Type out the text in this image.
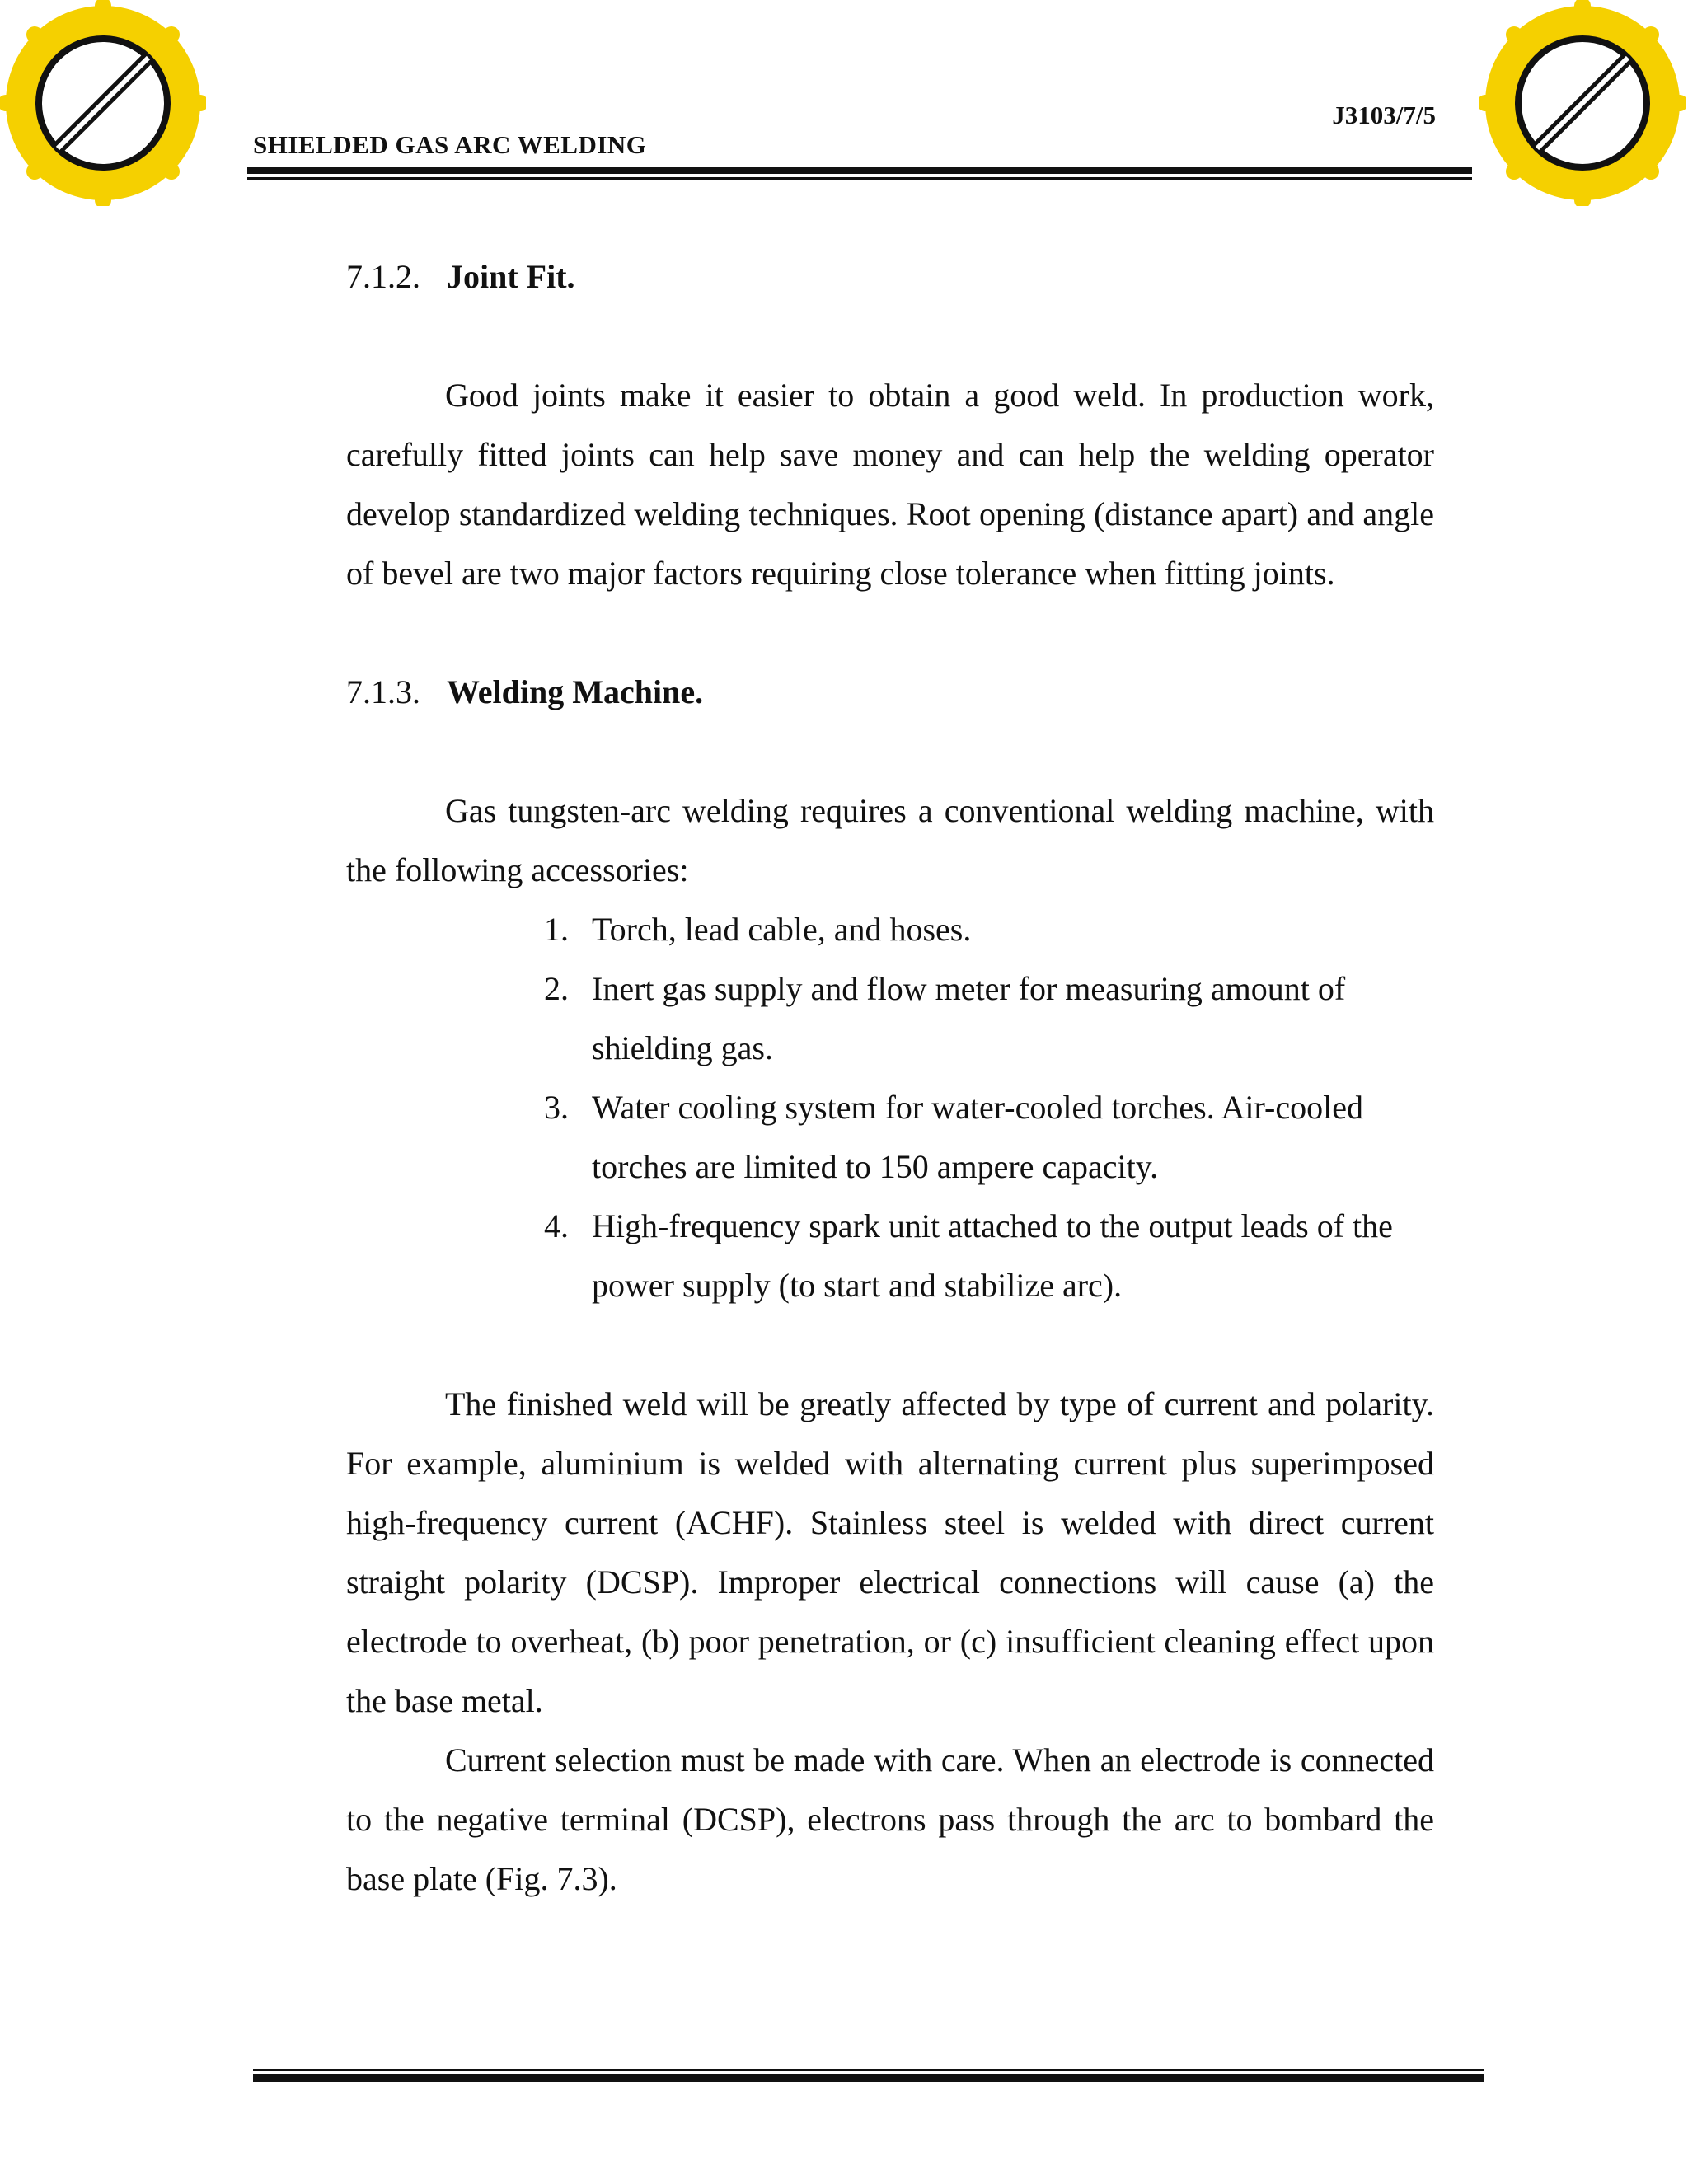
J3103/7/5
SHIELDED GAS ARC WELDING
7.1.2. Joint Fit.

Good joints make it easier to obtain a good weld. In production work, carefully fitted joints can help save money and can help the welding operator develop standardized welding techniques. Root opening (distance apart) and angle of bevel are two major factors requiring close tolerance when fitting joints.

7.1.3. Welding Machine.

Gas tungsten-arc welding requires a conventional welding machine, with the following accessories:

1. Torch, lead cable, and hoses.
2. Inert gas supply and flow meter for measuring amount of shielding gas.
3. Water cooling system for water-cooled torches. Air-cooled torches are limited to 150 ampere capacity.
4. High-frequency spark unit attached to the output leads of the power supply (to start and stabilize arc).

The finished weld will be greatly affected by type of current and polarity. For example, aluminium is welded with alternating current plus superimposed high-frequency current (ACHF). Stainless steel is welded with direct current straight polarity (DCSP). Improper electrical connections will cause (a) the electrode to overheat, (b) poor penetration, or (c) insufficient cleaning effect upon the base metal.

Current selection must be made with care. When an electrode is connected to the negative terminal (DCSP), electrons pass through the arc to bombard the base plate (Fig. 7.3).
